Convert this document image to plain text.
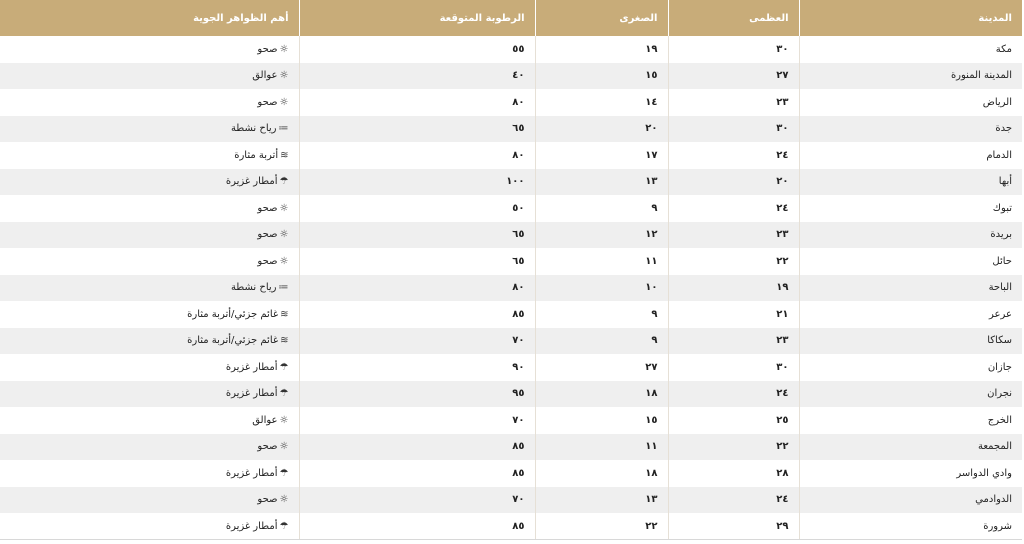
المدينة	العظمى	الصغرى	الرطوبة المتوقعة	أهم الظواهر الجوية
مكة	٣٠	١٩	٥٥	☼صحو
المدينة المنورة	٢٧	١٥	٤٠	☼عوالق
الرياض	٢٣	١٤	٨٠	☼صحو
جدة	٣٠	٢٠	٦٥	≕رياح نشطة
الدمام	٢٤	١٧	٨٠	≋أتربة مثارة
أبها	٢٠	١٣	١٠٠	☂أمطار غزيرة
تبوك	٢٤	٩	٥٠	☼صحو
بريدة	٢٣	١٢	٦٥	☼صحو
حائل	٢٢	١١	٦٥	☼صحو
الباحة	١٩	١٠	٨٠	≕رياح نشطة
عرعر	٢١	٩	٨٥	≋غائم جزئي/أتربة مثارة
سكاكا	٢٣	٩	٧٠	≋غائم جزئي/أتربة مثارة
جازان	٣٠	٢٧	٩٠	☂أمطار غزيرة
نجران	٢٤	١٨	٩٥	☂أمطار غزيرة
الخرج	٢٥	١٥	٧٠	☼عوالق
المجمعة	٢٢	١١	٨٥	☼صحو
وادي الدواسر	٢٨	١٨	٨٥	☂أمطار غزيرة
الدوادمي	٢٤	١٣	٧٠	☼صحو
شرورة	٢٩	٢٢	٨٥	☂أمطار غزيرة
